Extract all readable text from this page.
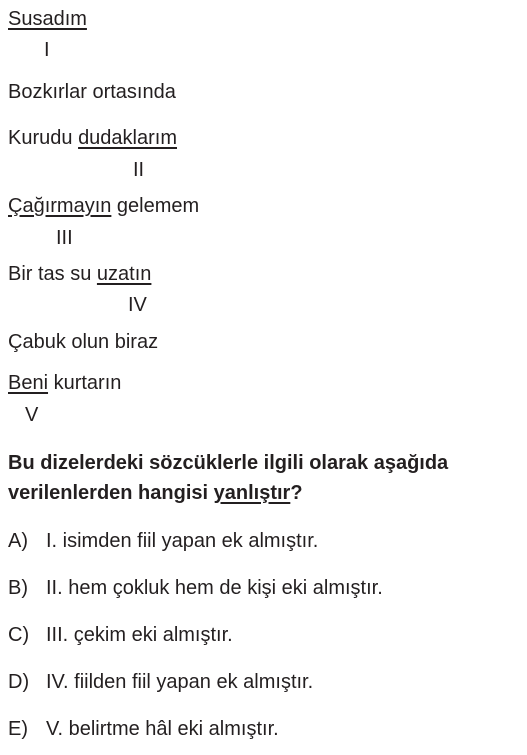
Susadım
I
Bozkırlar ortasında
Kurudu dudaklarım
II
Çağırmayın gelemem
III
Bir tas su uzatın
IV
Çabuk olun biraz
Beni kurtarın
V
Bu dizelerdeki sözcüklerle ilgili olarak aşağıda
verilenlerden hangisi yanlıştır?
A) I. isimden fiil yapan ek almıştır.
B) II. hem çokluk hem de kişi eki almıştır.
C) III. çekim eki almıştır.
D) IV. fiilden fiil yapan ek almıştır.
E) V. belirtme hâl eki almıştır.
